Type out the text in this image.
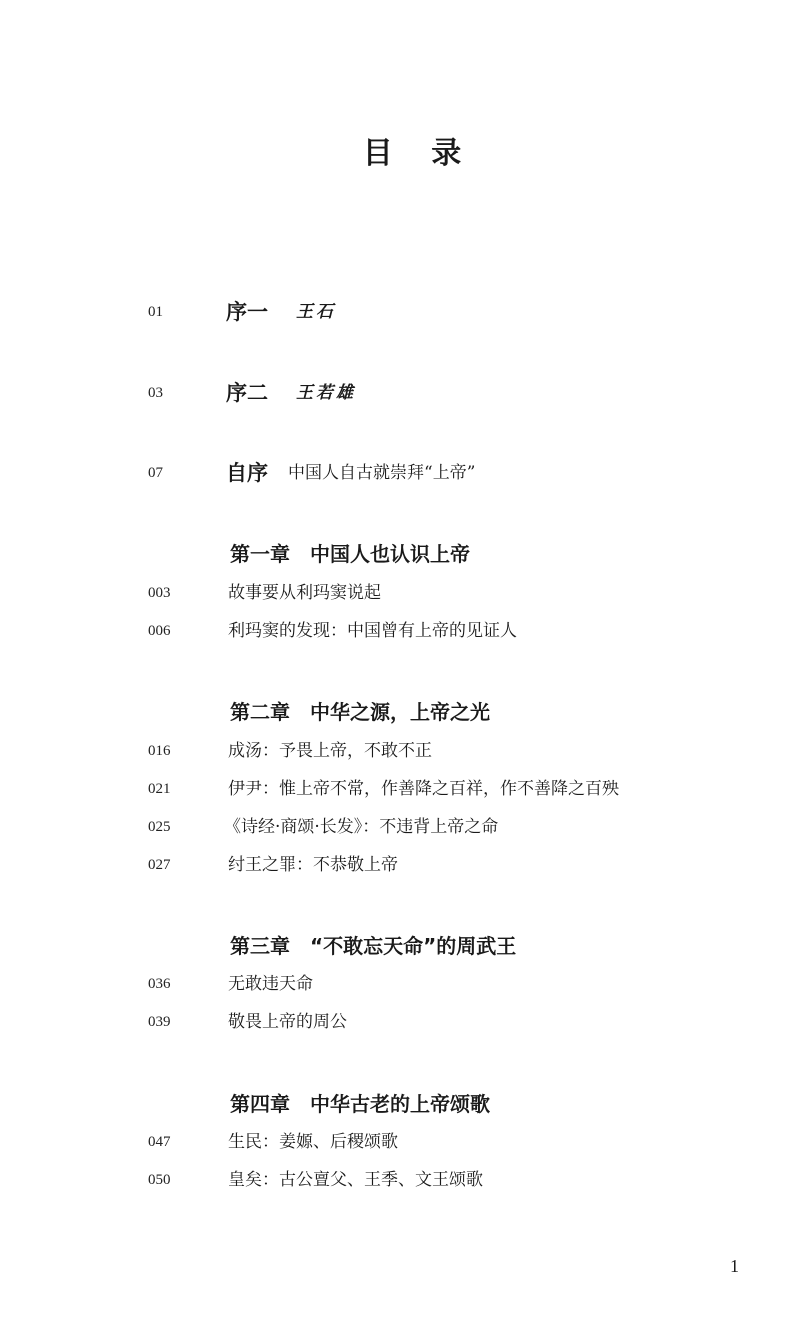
目 录
01	序一 王石
03	序二 王若雄
07	自序 中国人自古就崇拜“上帝”
第一章　中国人也认识上帝
003	故事要从利玛窦说起
006	利玛窦的发现：中国曾有上帝的见证人
第二章　中华之源，上帝之光
016	成汤：予畏上帝，不敢不正
021	伊尹：惟上帝不常，作善降之百祥，作不善降之百殃
025	《诗经·商颂·长发》：不违背上帝之命
027	纣王之罪：不恭敬上帝
第三章　“不敢忘天命”的周武王
036	无敢违天命
039	敬畏上帝的周公
第四章　中华古老的上帝颂歌
047	生民：姜嫄、后稷颂歌
050	皇矣：古公亶父、王季、文王颂歌
1
